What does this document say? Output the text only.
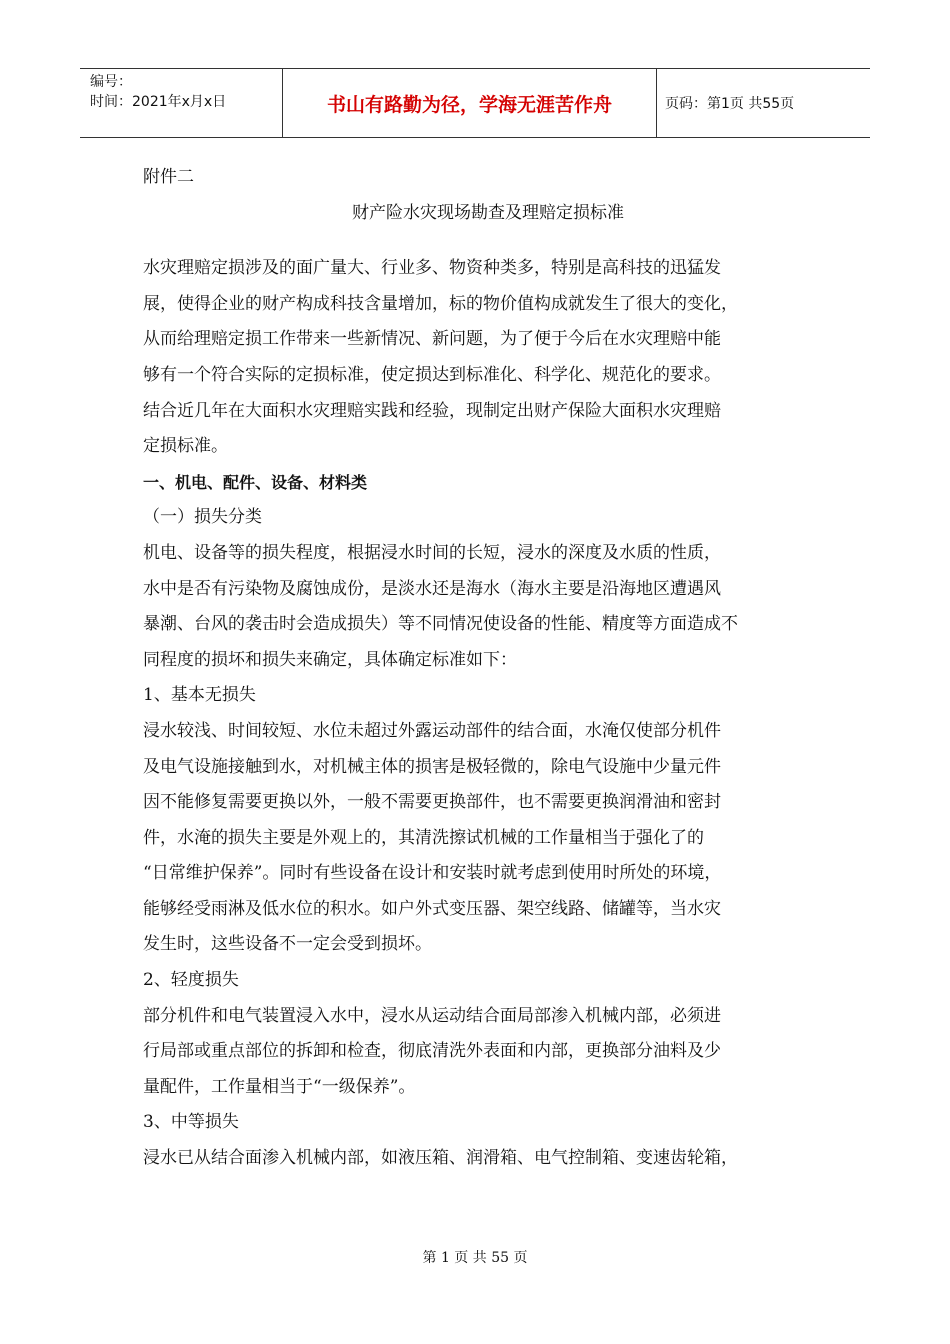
编号：
时间：2021年x月x日	书山有路勤为径，学海无涯苦作舟	页码：第1页 共55页

附件二

财产险水灾现场勘查及理赔定损标准

水灾理赔定损涉及的面广量大、行业多、物资种类多，特别是高科技的迅猛发

展，使得企业的财产构成科技含量增加，标的物价值构成就发生了很大的变化，

从而给理赔定损工作带来一些新情况、新问题，为了便于今后在水灾理赔中能

够有一个符合实际的定损标准，使定损达到标准化、科学化、规范化的要求。

结合近几年在大面积水灾理赔实践和经验，现制定出财产保险大面积水灾理赔

定损标准。

一、机电、配件、设备、材料类

（一）损失分类

机电、设备等的损失程度，根据浸水时间的长短，浸水的深度及水质的性质，

水中是否有污染物及腐蚀成份，是淡水还是海水（海水主要是沿海地区遭遇风

暴潮、台风的袭击时会造成损失）等不同情况使设备的性能、精度等方面造成不

同程度的损坏和损失来确定，具体确定标准如下：

1、基本无损失

浸水较浅、时间较短、水位未超过外露运动部件的结合面，水淹仅使部分机件

及电气设施接触到水，对机械主体的损害是极轻微的，除电气设施中少量元件

因不能修复需要更换以外，一般不需要更换部件，也不需要更换润滑油和密封

件，水淹的损失主要是外观上的，其清洗擦试机械的工作量相当于强化了的

“日常维护保养”。同时有些设备在设计和安装时就考虑到使用时所处的环境，

能够经受雨淋及低水位的积水。如户外式变压器、架空线路、储罐等，当水灾

发生时，这些设备不一定会受到损坏。

2、轻度损失

部分机件和电气装置浸入水中，浸水从运动结合面局部渗入机械内部，必须进

行局部或重点部位的拆卸和检查，彻底清洗外表面和内部，更换部分油料及少

量配件，工作量相当于“一级保养”。

3、中等损失

浸水已从结合面渗入机械内部，如液压箱、润滑箱、电气控制箱、变速齿轮箱，

第 1 页 共 55 页
